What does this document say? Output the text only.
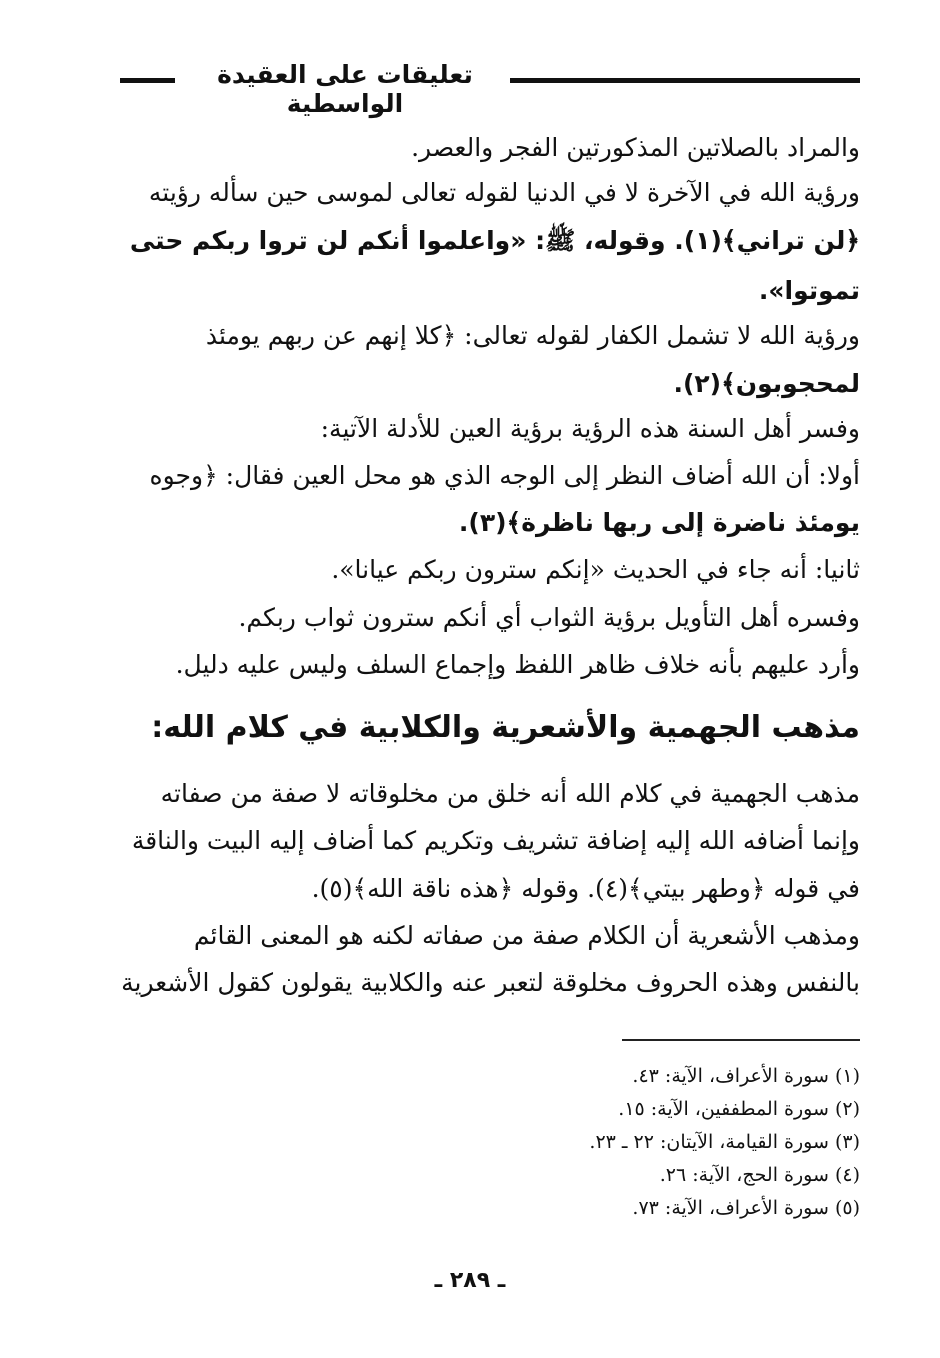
تعليقات على العقيدة الواسطية
والمراد بالصلاتين المذكورتين الفجر والعصر.
ورؤية الله في الآخرة لا في الدنيا لقوله تعالى لموسى حين سأله رؤيته
﴿لن تراني﴾(١). وقوله، ﷺ: «واعلموا أنكم لن تروا ربكم حتى
تموتوا».
ورؤية الله لا تشمل الكفار لقوله تعالى: ﴿كلا إنهم عن ربهم يومئذ
لمحجوبون﴾(٢).
وفسر أهل السنة هذه الرؤية برؤية العين للأدلة الآتية:
أولا: أن الله أضاف النظر إلى الوجه الذي هو محل العين فقال: ﴿وجوه
يومئذ ناضرة إلى ربها ناظرة﴾(٣).
ثانيا: أنه جاء في الحديث «إنكم سترون ربكم عيانا».
وفسره أهل التأويل برؤية الثواب أي أنكم سترون ثواب ربكم.
وأرد عليهم بأنه خلاف ظاهر اللفظ وإجماع السلف وليس عليه دليل.
مذهب الجهمية والأشعرية والكلابية في كلام الله:
مذهب الجهمية في كلام الله أنه خلق من مخلوقاته لا صفة من صفاته
وإنما أضافه الله إليه إضافة تشريف وتكريم كما أضاف إليه البيت والناقة
في قوله ﴿وطهر بيتي﴾(٤). وقوله ﴿هذه ناقة الله﴾(٥).
ومذهب الأشعرية أن الكلام صفة من صفاته لكنه هو المعنى القائم
بالنفس وهذه الحروف مخلوقة لتعبر عنه والكلابية يقولون كقول الأشعرية
(١) سورة الأعراف، الآية: ٤٣.
(٢) سورة المطففين، الآية: ١٥.
(٣) سورة القيامة، الآيتان: ٢٢ ـ ٢٣.
(٤) سورة الحج، الآية: ٢٦.
(٥) سورة الأعراف، الآية: ٧٣.
ـ ٢٨٩ ـ
